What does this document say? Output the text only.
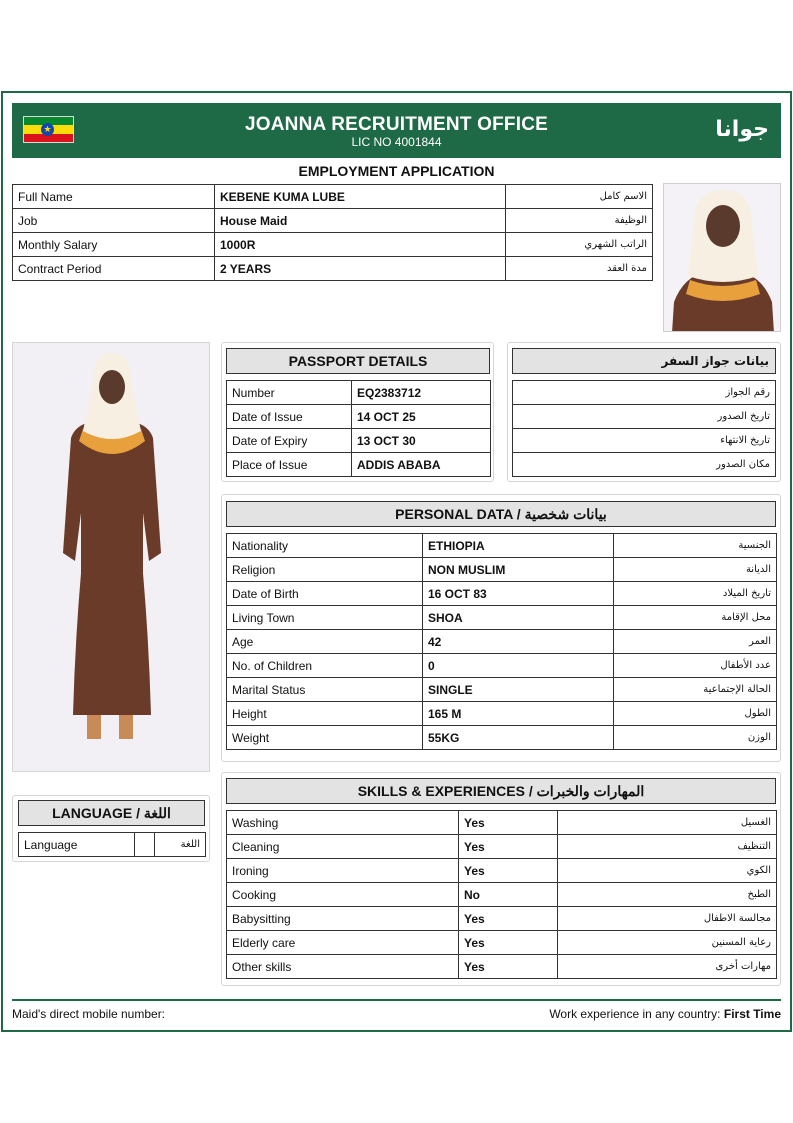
★	JOANNA RECRUITMENT OFFICE
LIC NO 4001844	جوانا
EMPLOYMENT APPLICATION
Full Name	KEBENE KUMA LUBE	الاسم كامل
Job	House Maid	الوظيفة
Monthly Salary	1000R	الراتب الشهري
Contract Period	2 YEARS	مدة العقد
PASSPORT DETAILS
Number	EQ2383712
Date of Issue	14 OCT 25
Date of Expiry	13 OCT 30
Place of Issue	ADDIS ABABA
بيانات جواز السفر
رقم الجواز
تاريخ الصدور
تاريخ الانتهاء
مكان الصدور
PERSONAL DATA / بيانات شخصية
Nationality	ETHIOPIA	الجنسية
Religion	NON MUSLIM	الديانة
Date of Birth	16 OCT 83	تاريخ الميلاد
Living Town	SHOA	محل الإقامة
Age	42	العمر
No. of Children	0	عدد الأطفال
Marital Status	SINGLE	الحالة الإجتماعية
Height	165 M	الطول
Weight	55KG	الوزن
LANGUAGE / اللغة
Language		اللغة
SKILLS & EXPERIENCES / المهارات والخبرات
Washing	Yes	الغسيل
Cleaning	Yes	التنظيف
Ironing	Yes	الكوي
Cooking	No	الطبخ
Babysitting	Yes	مجالسة الاطفال
Elderly care	Yes	رعاية المسنين
Other skills	Yes	مهارات أخرى
Maid's direct mobile number:	Work experience in any country: First Time
